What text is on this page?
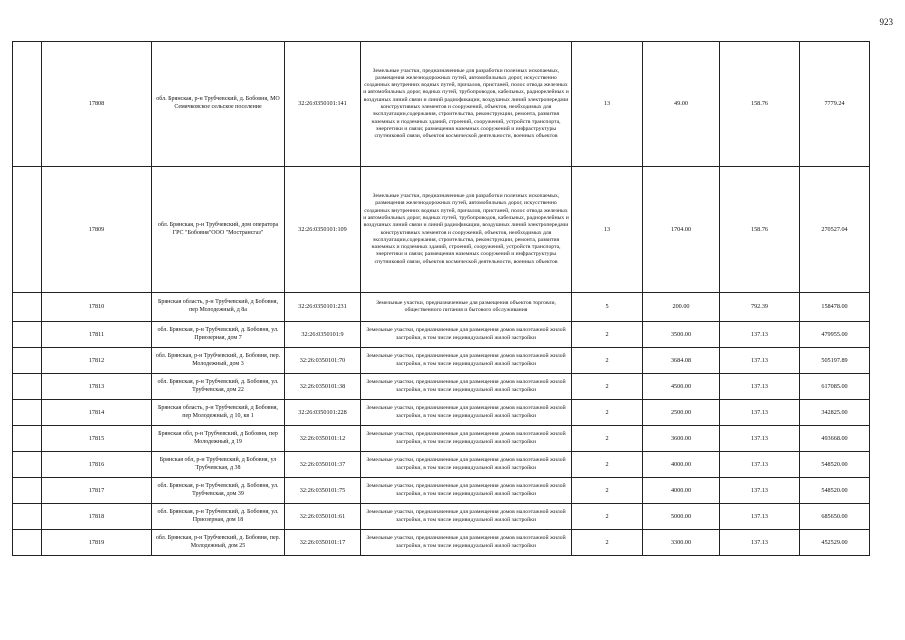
923
	17808	обл. Брянская, р-н Трубчевский, д. Бобовня, МО Семячковское сельское поселение	32:26:0350101:141	Земельные участки, предназначенные для разработки полезных ископаемых, размещения железнодорожных путей, автомобильных дорог, искусственно созданных внутренних водных путей, причалов, пристаней, полос отвода железных и автомобильных дорог, водных путей, трубопроводов, кабельных, радиорелейных и воздушных линий связи и линий радиофикации, воздушных линий электропередачи конструктивных элементов и сооружений, объектов, необходимых для эксплуатации,содержания, строительства, реконструкции, ремонта, развития наземных и подземных зданий, строений, сооружений, устройств транспорта, энергетики и связи; размещения наземных сооружений и инфраструктуры спутниковой связи, объектов космической деятельности, военных объектов	13	49.00	158.76	7779.24
	17809	обл. Брянская, р-н Трубчевский, дом оператора ГРС "Бобовня"ООО "Мострансгаз"	32:26:0350101:109	Земельные участки, предназначенные для разработки полезных ископаемых, размещения железнодорожных путей, автомобильных дорог, искусственно созданных внутренних водных путей, причалов, пристаней, полос отвода железных и автомобильных дорог, водных путей, трубопроводов, кабельных, радиорелейных и воздушных линий связи и линий радиофикации, воздушных линий электропередачи конструктивных элементов и сооружений, объектов, необходимых для эксплуатации,содержания, строительства, реконструкции, ремонта, развития наземных и подземных зданий, строений, сооружений, устройств транспорта, энергетики и связи; размещения наземных сооружений и инфраструктуры спутниковой связи, объектов космической деятельности, военных объектов	13	1704.00	158.76	270527.04
	17810	Брянская область, р-н Трубчевский, д Бобовня, пер Молодежный, д 8а	32:26:0350101:231	Земельные участки, предназначенные для размещения объектов торговли, общественного питания и бытового обслуживания	5	200.00	792.39	158478.00
	17811	обл. Брянская, р-н Трубчевский, д. Бобовня, ул. Приозерная, дом 7	32:26:0350101:9	Земельные участки, предназначенные для размещения домов малоэтажной жилой застройки, в том числе индивидуальной жилой застройки	2	3500.00	137.13	479955.00
	17812	обл. Брянская, р-н Трубчевский, д. Бобовня, пер. Молодежный, дом 3	32:26:0350101:70	Земельные участки, предназначенные для размещения домов малоэтажной жилой застройки, в том числе индивидуальной жилой застройки	2	3684.08	137.13	505197.89
	17813	обл. Брянская, р-н Трубчевский, д. Бобовня, ул. Трубчевская, дом 22	32:26:0350101:38	Земельные участки, предназначенные для размещения домов малоэтажной жилой застройки, в том числе индивидуальной жилой застройки	2	4500.00	137.13	617085.00
	17814	Брянская область, р-н Трубчевский, д Бобовня, пер Молодежный, д 10, кв 1	32:26:0350101:228	Земельные участки, предназначенные для размещения домов малоэтажной жилой застройки, в том числе индивидуальной жилой застройки	2	2500.00	137.13	342825.00
	17815	Брянская обл, р-н Трубчевский, д Бобовня, пер Молодежный, д 19	32:26:0350101:12	Земельные участки, предназначенные для размещения домов малоэтажной жилой застройки, в том числе индивидуальной жилой застройки	2	3600.00	137.13	493668.00
	17816	Брянская обл, р-н Трубчевский, д Бобовня, ул Трубчевская, д 38	32:26:0350101:37	Земельные участки, предназначенные для размещения домов малоэтажной жилой застройки, в том числе индивидуальной жилой застройки	2	4000.00	137.13	548520.00
	17817	обл. Брянская, р-н Трубчевский, д. Бобовня, ул. Трубчевская, дом 39	32:26:0350101:75	Земельные участки, предназначенные для размещения домов малоэтажной жилой застройки, в том числе индивидуальной жилой застройки	2	4000.00	137.13	548520.00
	17818	обл. Брянская, р-н Трубчевский, д. Бобовня, ул. Приозерная, дом 18	32:26:0350101:61	Земельные участки, предназначенные для размещения домов малоэтажной жилой застройки, в том числе индивидуальной жилой застройки	2	5000.00	137.13	685650.00
	17819	обл. Брянская, р-н Трубчевский, д. Бобовня, пер. Молодежный, дом 25	32:26:0350101:17	Земельные участки, предназначенные для размещения домов малоэтажной жилой застройки, в том числе индивидуальной жилой застройки	2	3300.00	137.13	452529.00
